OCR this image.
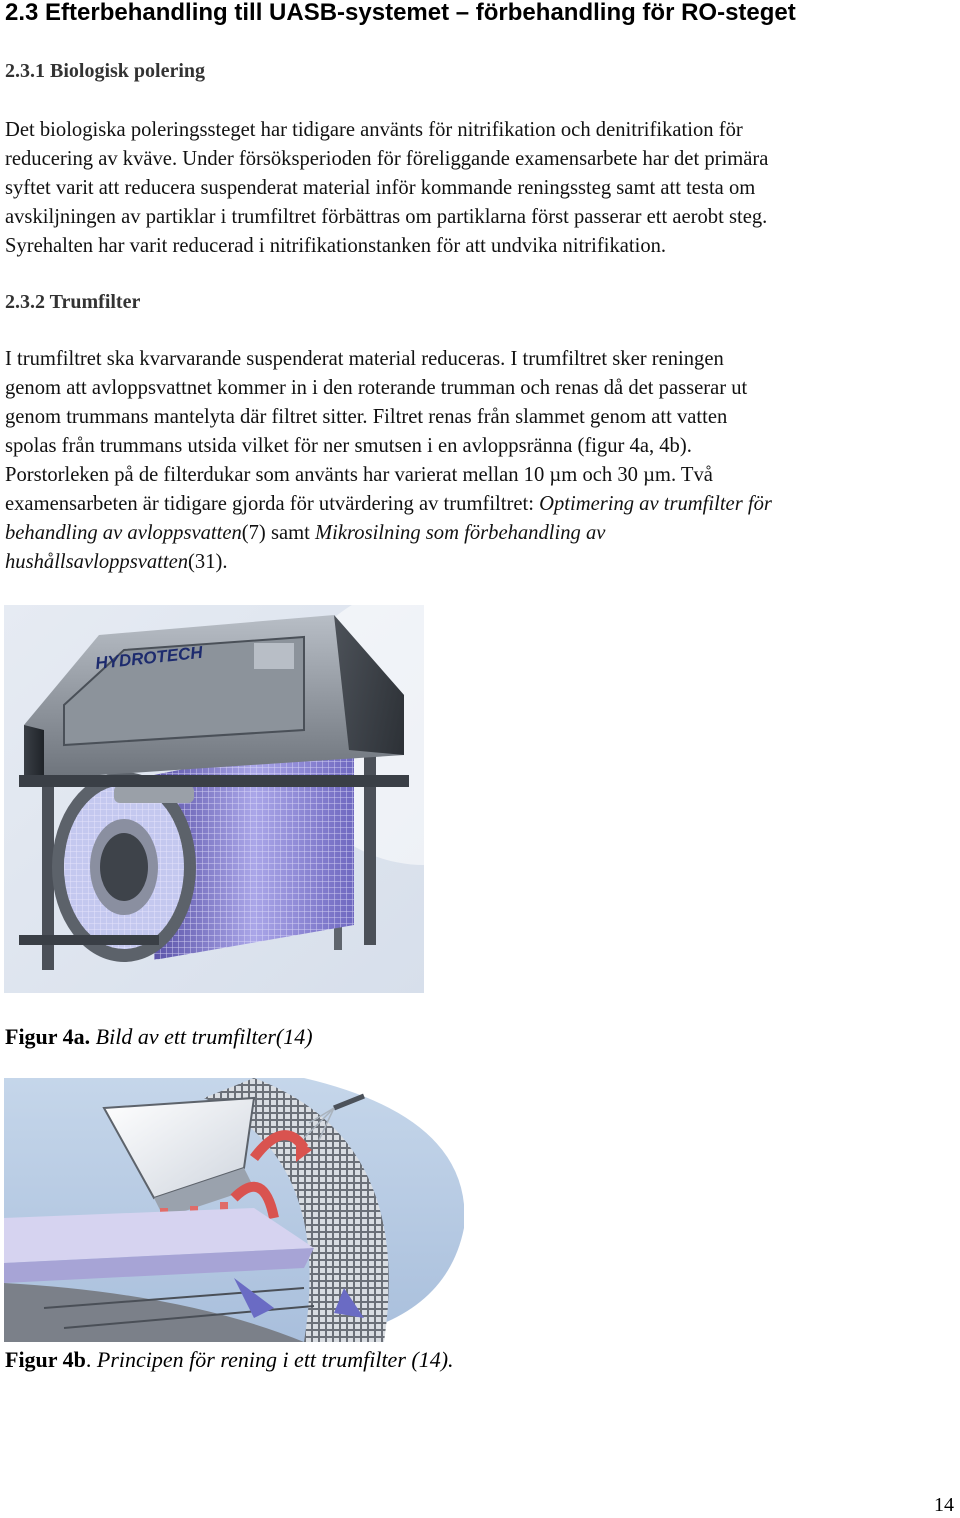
2.3 Efterbehandling till UASB-systemet – förbehandling för RO-steget
2.3.1 Biologisk polering
Det biologiska poleringssteget har tidigare använts för nitrifikation och denitrifikation för
reducering av kväve. Under försöksperioden för föreliggande examensarbete har det primära
syftet varit att reducera suspenderat material inför kommande reningssteg samt att testa om
avskiljningen av partiklar i trumfiltret förbättras om partiklarna först passerar ett aerobt steg.
Syrehalten har varit reducerad i nitrifikationstanken för att undvika nitrifikation.
2.3.2 Trumfilter
I trumfiltret ska kvarvarande suspenderat material reduceras. I trumfiltret sker reningen
genom att avloppsvattnet kommer in i den roterande trumman och renas då det passerar ut
genom trummans mantelyta där filtret sitter. Filtret renas från slammet genom att vatten
spolas från trummans utsida vilket för ner smutsen i en avloppsränna (figur 4a, 4b).
Porstorleken på de filterdukar som använts har varierat mellan 10 µm och 30 µm. Två
examensarbeten är tidigare gjorda för utvärdering av trumfiltret: Optimering av trumfilter för
behandling av avloppsvatten(7) samt Mikrosilning som förbehandling av
hushållsavloppsvatten(31).
HYDROTECH

Figur 4a. Bild av ett trumfilter(14)

Figur 4b. Principen för rening i ett trumfilter (14).

14
